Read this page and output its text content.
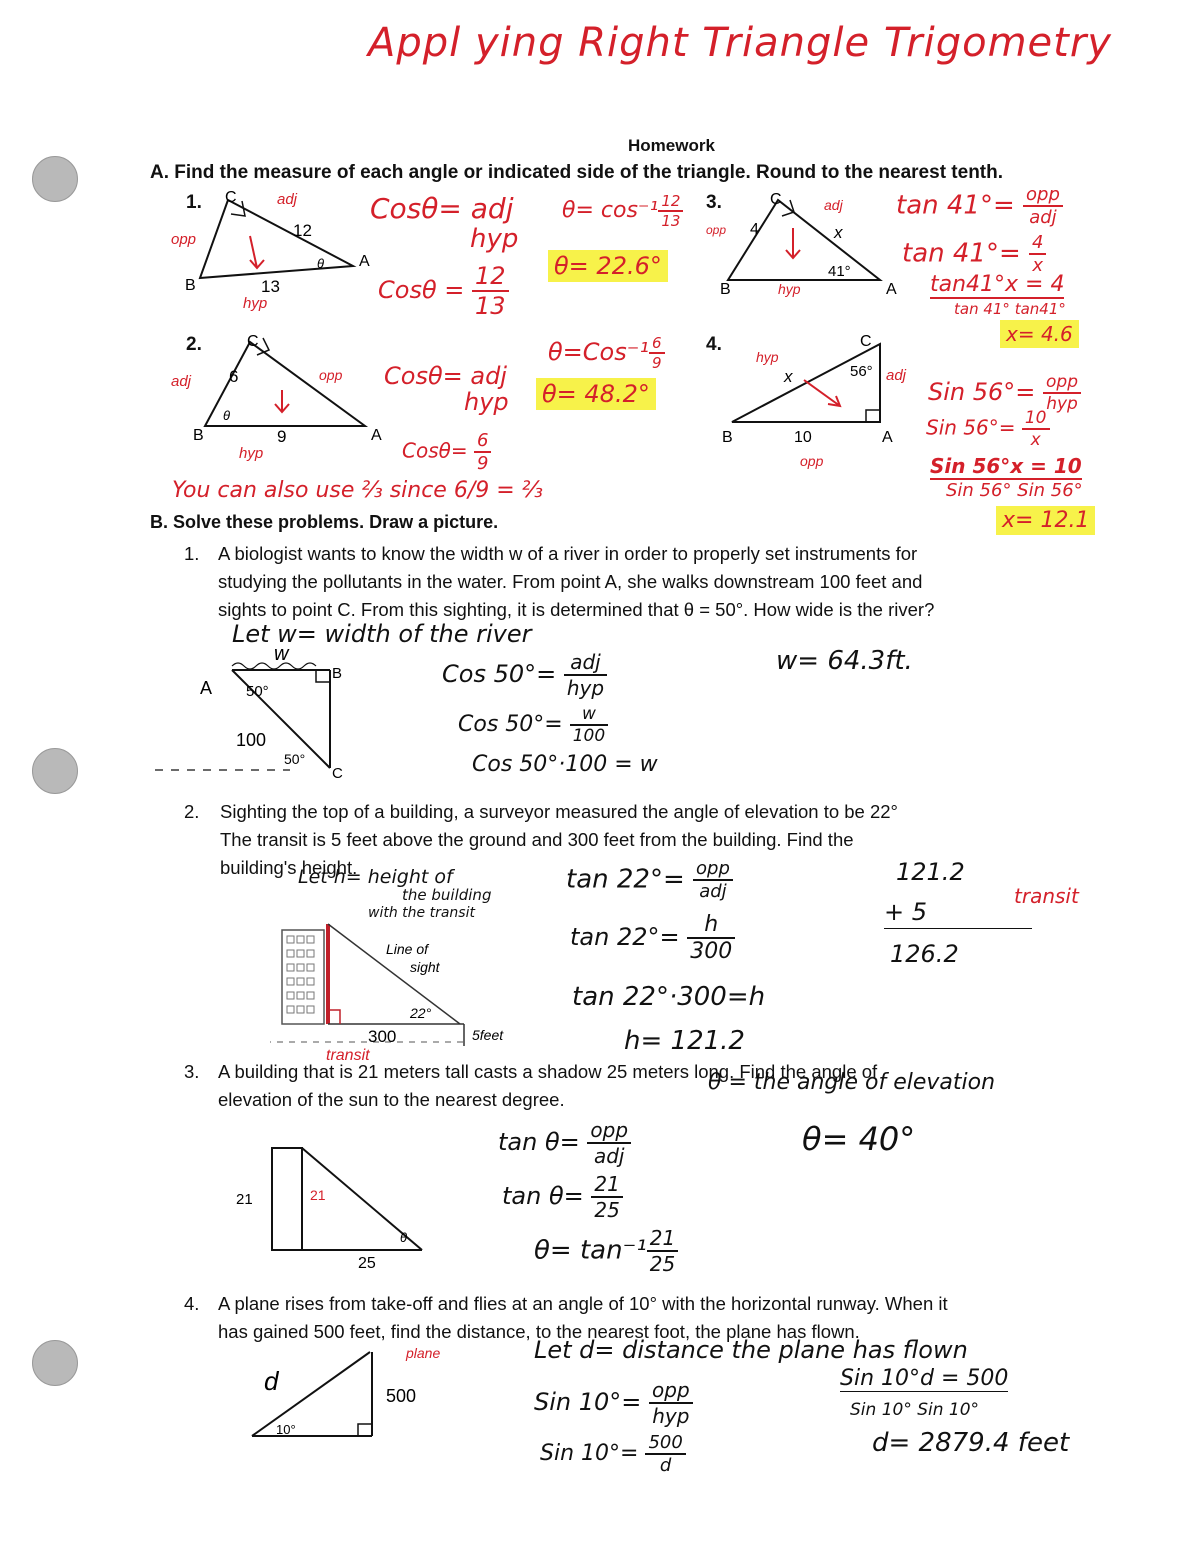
Appl ying Right Triangle Trigometry
Homework
A. Find the measure of each angle or indicated side of the triangle. Round to the nearest tenth.
1. C
B
A
adj
opp
hyp
12
13
θ
Cosθ= adj
hyp
$Cos\theta = \frac{12}{13}$
$\theta= \cos^{-1} \frac{12}{13}$
θ= 22.6°
2.	C
B	A
adj	opp
hyp
6
9
θ
Cosθ= adj
hyp
$Cos\theta= \frac{6}{9}$
$\theta=Cos^{-1} \frac{6}{9}$
θ= 48.2°
You can also use ⅔ since 6/9 = ⅔
3.	C
B	A
adj
opp
hyp
4	x
41°
$\tan 41^\circ= \frac{\text{opp}}{\text{adj}}$
$\tan 41^\circ= \frac{4}{x}$
tan41°x = 4
tan 41° tan41°
x= 4.6
4.	C
B	A
adj
opp
hyp
x
10
56°
Sin $56^\circ= \frac{\text{opp}}{\text{hyp}}$
Sin $56^\circ= \frac{10}{x}$
Sin 56°x = 10
Sin 56° Sin 56°
x= 12.1
B. Solve these problems. Draw a picture.
1. A biologist wants to know the width w of a river in order to properly set instruments for
studying the pollutants in the water. From point A, she walks downstream 100 feet and
sights to point C. From this sighting, it is determined that θ = 50°. How wide is the river?
Let w= width of the river
A
B
C
w
50°
50°
100
Cos $50^\circ= \frac{\text{adj}}{\text{hyp}}$
Cos $50^\circ= \frac{w}{100}$
Cos 50°·100 = w
w= 64.3ft.
2. Sighting the top of a building, a surveyor measured the angle of elevation to be 22°
The transit is 5 feet above the ground and 300 feet from the building. Find the
building's height.
Let h= height of
the building
with the transit
Line of
sight
22°
300
transit
5feet
$\tan 22^\circ= \frac{\text{opp}}{\text{adj}}$
$\tan 22^\circ= \frac{h}{300}$
tan 22°·300=h
h= 121.2
121.2
+ 5
transit
126.2
3. A building that is 21 meters tall casts a shadow 25 meters long. Find the angle of
elevation of the sun to the nearest degree.
θ = the angle of elevation
21	21
25
θ
$\tan \theta= \frac{\text{opp}}{\text{adj}}$
$\tan \theta= \frac{21}{25}$
$\theta= \tan^{-1} \frac{21}{25}$
θ= 40°
4. A plane rises from take-off and flies at an angle of 10° with the horizontal runway. When it
has gained 500 feet, find the distance, to the nearest foot, the plane has flown.
Let d= distance the plane has flown
d
plane
500
10°
Sin $10^\circ= \frac{\text{opp}}{\text{hyp}}$
Sin $10^\circ= \frac{500}{d}$
Sin 10°d = 500
Sin 10° Sin 10°
d= 2879.4 feet
